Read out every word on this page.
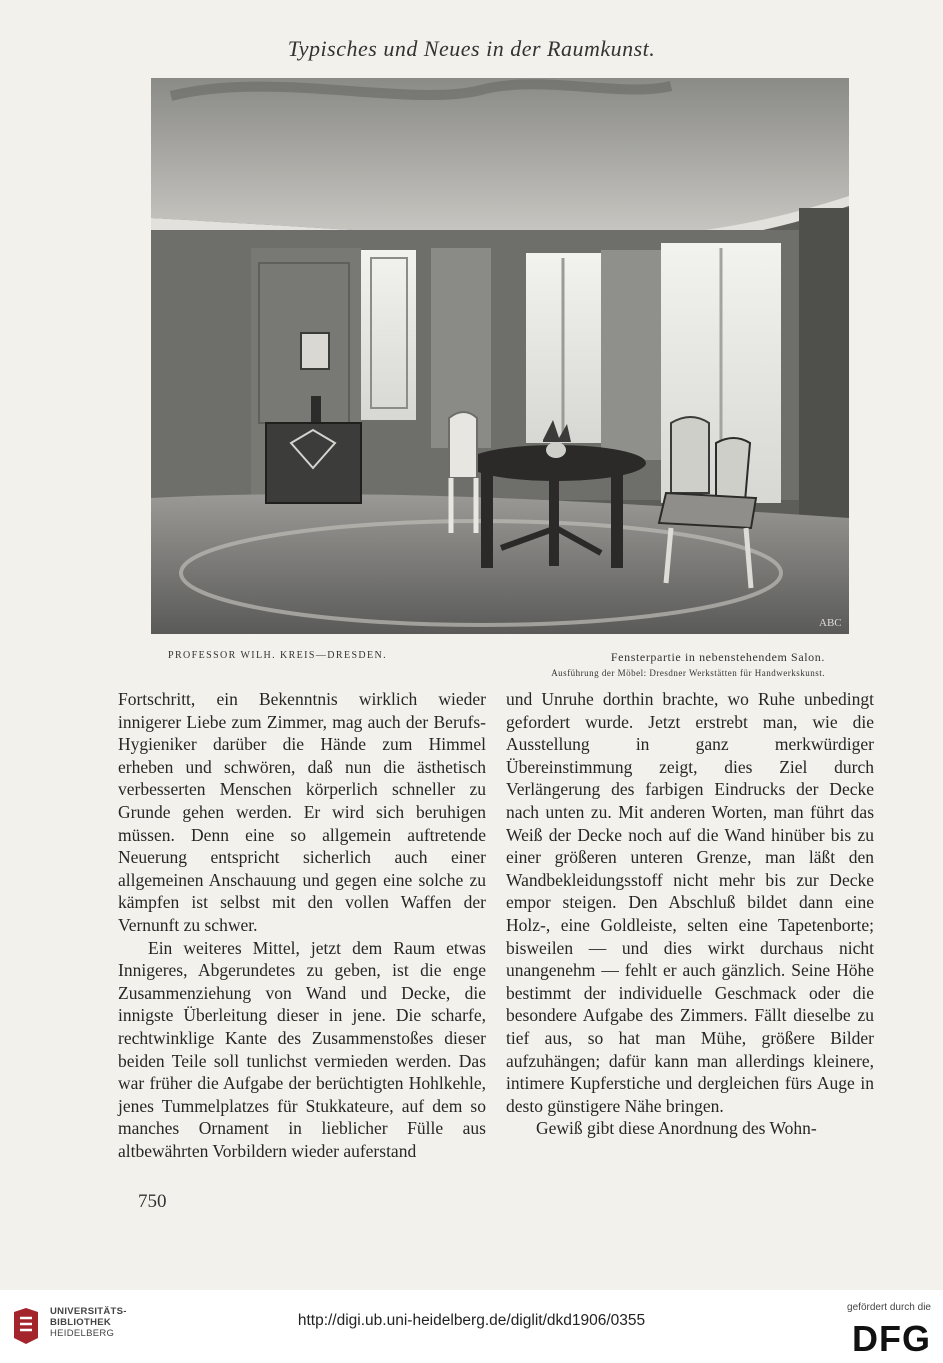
Typisches und Neues in der Raumkunst.
ABC
PROFESSOR WILH. KREIS—DRESDEN.	Fensterpartie in nebenstehendem Salon.
Ausführung der Möbel: Dresdner Werkstätten für Handwerkskunst.

Fortschritt, ein Bekenntnis wirklich wieder innigerer Liebe zum Zimmer, mag auch der Berufs-Hygieniker darüber die Hände zum Himmel erheben und schwören, daß nun die ästhetisch verbesserten Menschen körperlich schneller zu Grunde gehen werden. Er wird sich beruhigen müssen. Denn eine so allgemein auftretende Neuerung entspricht sicherlich auch einer allgemeinen Anschauung und gegen eine solche zu kämpfen ist selbst mit den vollen Waffen der Vernunft zu schwer.

Ein weiteres Mittel, jetzt dem Raum etwas Innigeres, Abgerundetes zu geben, ist die enge Zusammenziehung von Wand und Decke, die innigste Überleitung dieser in jene. Die scharfe, rechtwinklige Kante des Zusammenstoßes dieser beiden Teile soll tunlichst vermieden werden. Das war früher die Aufgabe der berüchtigten Hohlkehle, jenes Tummelplatzes für Stukkateure, auf dem so manches Ornament in lieblicher Fülle aus altbewährten Vorbildern wieder auferstand

und Unruhe dorthin brachte, wo Ruhe unbedingt gefordert wurde. Jetzt erstrebt man, wie die Ausstellung in ganz merkwürdiger Übereinstimmung zeigt, dies Ziel durch Verlängerung des farbigen Eindrucks der Decke nach unten zu. Mit anderen Worten, man führt das Weiß der Decke noch auf die Wand hinüber bis zu einer größeren unteren Grenze, man läßt den Wandbekleidungsstoff nicht mehr bis zur Decke empor steigen. Den Abschluß bildet dann eine Holz-, eine Goldleiste, selten eine Tapetenborte; bisweilen — und dies wirkt durchaus nicht unangenehm — fehlt er auch gänzlich. Seine Höhe bestimmt der individuelle Geschmack oder die besondere Aufgabe des Zimmers. Fällt dieselbe zu tief aus, so hat man Mühe, größere Bilder aufzuhängen; dafür kann man allerdings kleinere, intimere Kupferstiche und dergleichen fürs Auge in desto günstigere Nähe bringen.

Gewiß gibt diese Anordnung des Wohn-

750
UNIVERSITÄTS-
BIBLIOTHEK
HEIDELBERG
http://digi.ub.uni-heidelberg.de/diglit/dkd1906/0355
gefördert durch die
DFG
